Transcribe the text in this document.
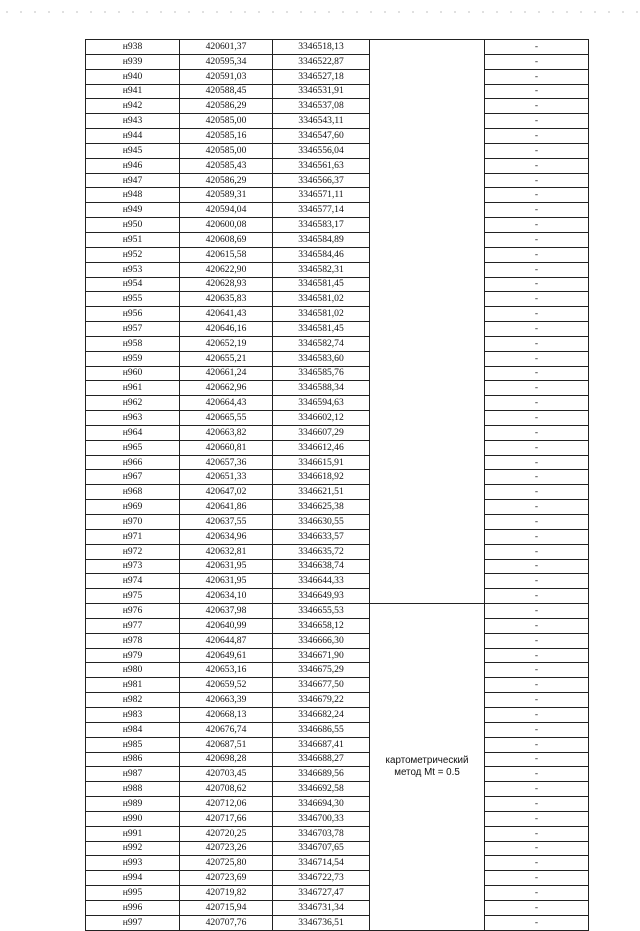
н938	420601,37	3346518,13		-
н939	420595,34	3346522,87		-
н940	420591,03	3346527,18		-
н941	420588,45	3346531,91		-
н942	420586,29	3346537,08		-
н943	420585,00	3346543,11		-
н944	420585,16	3346547,60		-
н945	420585,00	3346556,04		-
н946	420585,43	3346561,63		-
н947	420586,29	3346566,37		-
н948	420589,31	3346571,11		-
н949	420594,04	3346577,14		-
н950	420600,08	3346583,17		-
н951	420608,69	3346584,89		-
н952	420615,58	3346584,46		-
н953	420622,90	3346582,31		-
н954	420628,93	3346581,45		-
н955	420635,83	3346581,02		-
н956	420641,43	3346581,02		-
н957	420646,16	3346581,45		-
н958	420652,19	3346582,74		-
н959	420655,21	3346583,60		-
н960	420661,24	3346585,76		-
н961	420662,96	3346588,34		-
н962	420664,43	3346594,63		-
н963	420665,55	3346602,12		-
н964	420663,82	3346607,29		-
н965	420660,81	3346612,46		-
н966	420657,36	3346615,91		-
н967	420651,33	3346618,92		-
н968	420647,02	3346621,51		-
н969	420641,86	3346625,38		-
н970	420637,55	3346630,55		-
н971	420634,96	3346633,57		-
н972	420632,81	3346635,72		-
н973	420631,95	3346638,74		-
н974	420631,95	3346644,33		-
н975	420634,10	3346649,93		-
н976	420637,98	3346655,53	картометрический
метод Mt = 0.5	-
н977	420640,99	3346658,12		-
н978	420644,87	3346666,30		-
н979	420649,61	3346671,90		-
н980	420653,16	3346675,29		-
н981	420659,52	3346677,50		-
н982	420663,39	3346679,22		-
н983	420668,13	3346682,24		-
н984	420676,74	3346686,55		-
н985	420687,51	3346687,41		-
н986	420698,28	3346688,27		-
н987	420703,45	3346689,56		-
н988	420708,62	3346692,58		-
н989	420712,06	3346694,30		-
н990	420717,66	3346700,33		-
н991	420720,25	3346703,78		-
н992	420723,26	3346707,65		-
н993	420725,80	3346714,54		-
н994	420723,69	3346722,73		-
н995	420719,82	3346727,47		-
н996	420715,94	3346731,34		-
н997	420707,76	3346736,51		-
